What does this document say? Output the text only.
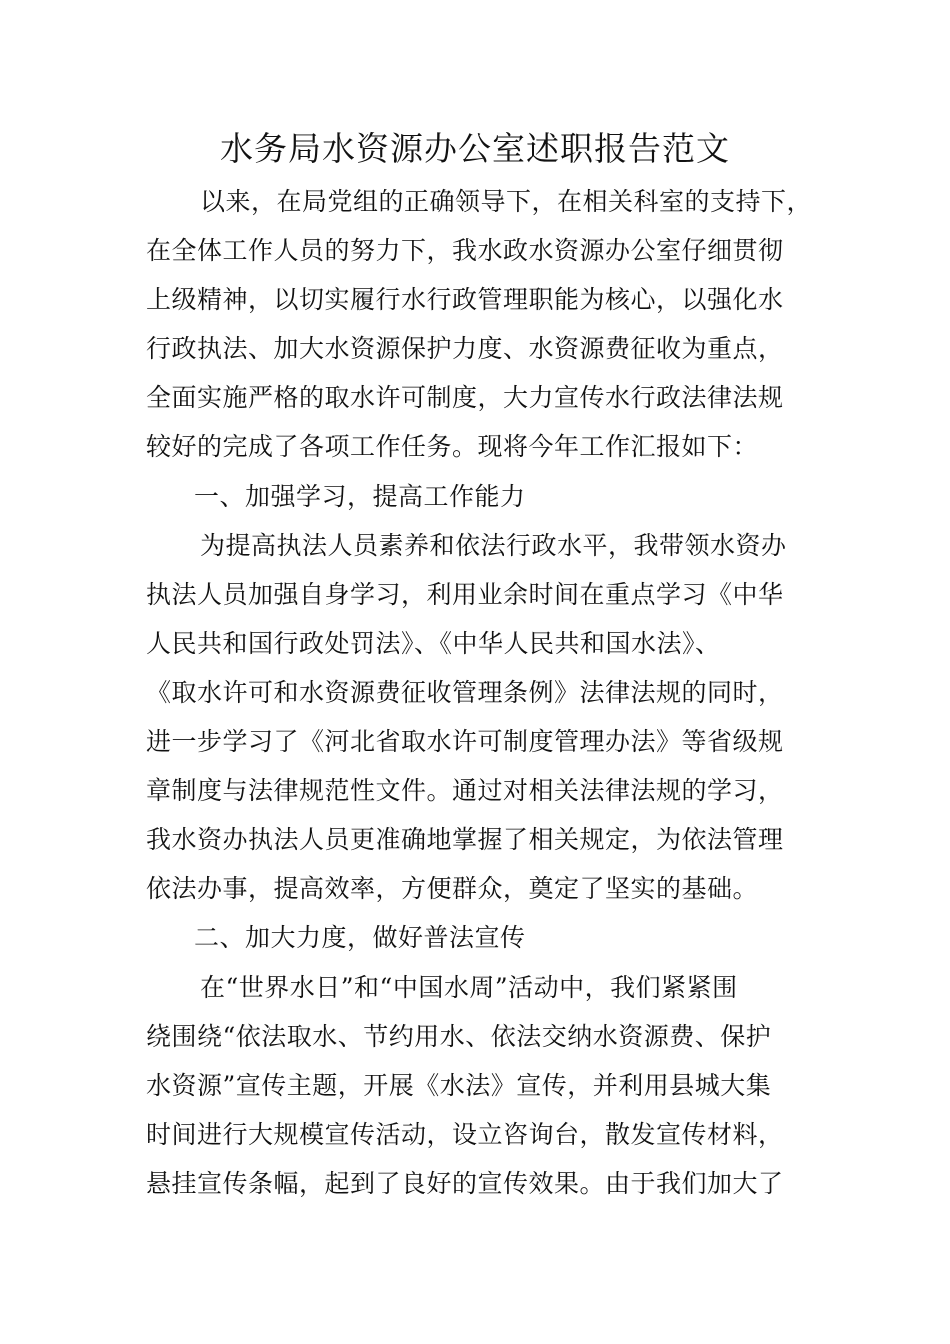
水务局水资源办公室述职报告范文
以来，在局党组的正确领导下，在相关科室的支持下，
在全体工作人员的努力下，我水政水资源办公室仔细贯彻
上级精神，以切实履行水行政管理职能为核心，以强化水
行政执法、加大水资源保护力度、水资源费征收为重点，
全面实施严格的取水许可制度，大力宣传水行政法律法规
较好的完成了各项工作任务。现将今年工作汇报如下：
一、加强学习，提高工作能力
为提高执法人员素养和依法行政水平，我带领水资办
执法人员加强自身学习，利用业余时间在重点学习《中华
人民共和国行政处罚法》、《中华人民共和国水法》、
《取水许可和水资源费征收管理条例》法律法规的同时，
进一步学习了《河北省取水许可制度管理办法》等省级规
章制度与法律规范性文件。通过对相关法律法规的学习，
我水资办执法人员更准确地掌握了相关规定，为依法管理
依法办事，提高效率，方便群众，奠定了坚实的基础。
二、加大力度，做好普法宣传
在“世界水日”和“中国水周”活动中，我们紧紧围
绕围绕“依法取水、节约用水、依法交纳水资源费、保护
水资源”宣传主题，开展《水法》宣传，并利用县城大集
时间进行大规模宣传活动，设立咨询台，散发宣传材料，
悬挂宣传条幅，起到了良好的宣传效果。由于我们加大了
